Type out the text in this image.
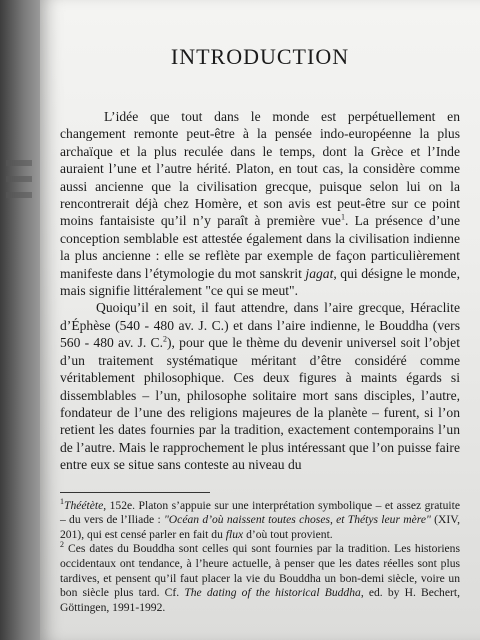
INTRODUCTION

L’idée que tout dans le monde est perpétuellement en changement remonte peut-être à la pensée indo-européenne la plus archaïque et la plus reculée dans le temps, dont la Grèce et l’Inde auraient l’une et l’autre hérité. Platon, en tout cas, la considère comme aussi ancienne que la civilisation grecque, puisque selon lui on la rencontrerait déjà chez Homère, et son avis est peut-être sur ce point moins fantaisiste qu’il n’y paraît à première vue$^1$. La présence d’une conception semblable est attestée également dans la civilisation indienne la plus ancienne : elle se reflète par exemple de façon particulièrement manifeste dans l’étymologie du mot sanskrit jagat, qui désigne le monde, mais signifie littéralement "ce qui se meut".

Quoiqu’il en soit, il faut attendre, dans l’aire grecque, Héraclite d’Éphèse (540 - 480 av. J. C.) et dans l’aire indienne, le Bouddha (vers 560 - 480 av. J. C.$^2$), pour que le thème du devenir universel soit l’objet d’un traitement systématique méritant d’être considéré comme véritablement philosophique. Ces deux figures à maints égards si dissemblables – l’un, philosophe solitaire mort sans disciples, l’autre, fondateur de l’une des religions majeures de la planète – furent, si l’on retient les dates fournies par la tradition, exactement contemporains l’un de l’autre. Mais le rapprochement le plus intéressant que l’on puisse faire entre eux se situe sans conteste au niveau du

$^1$Théétète, 152e. Platon s’appuie sur une interprétation symbolique – et assez gratuite – du vers de l’Iliade : "Océan d’où naissent toutes choses, et Thétys leur mère" (XIV, 201), qui est censé parler en fait du flux d’où tout provient.

$^2$ Ces dates du Bouddha sont celles qui sont fournies par la tradition. Les historiens occidentaux ont tendance, à l’heure actuelle, à penser que les dates réelles sont plus tardives, et pensent qu’il faut placer la vie du Bouddha un bon-demi siècle, voire un bon siècle plus tard. Cf. The dating of the historical Buddha, ed. by H. Bechert, Göttingen, 1991-1992.
